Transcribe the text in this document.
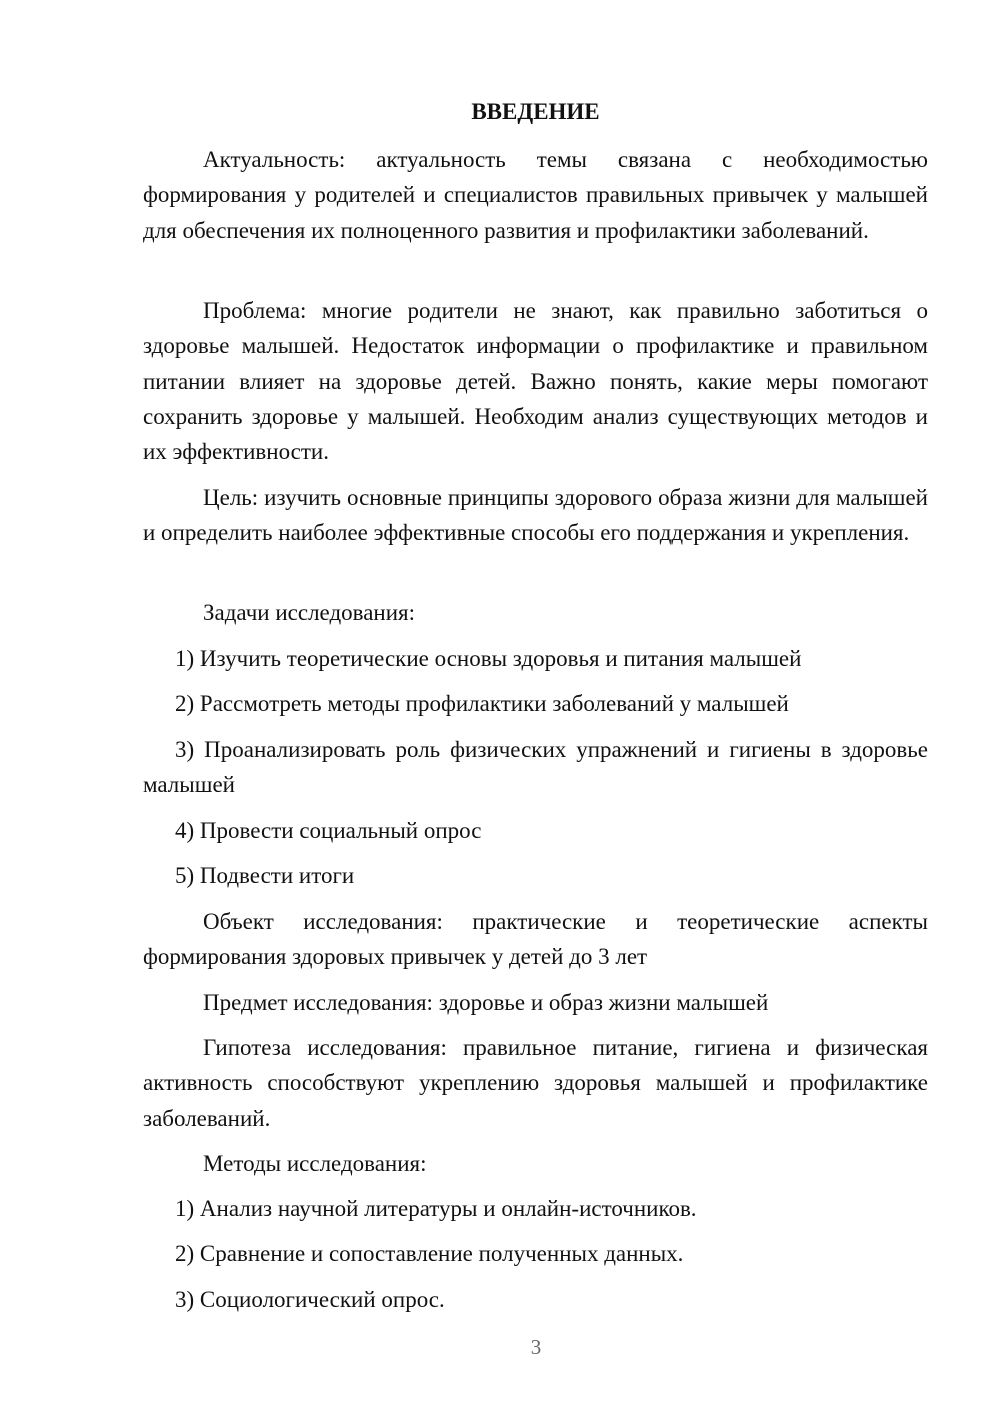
ВВЕДЕНИЕ

Актуальность: актуальность темы связана с необходимостью формирования у родителей и специалистов правильных привычек у малышей для обеспечения их полноценного развития и профилактики заболеваний.

Проблема: многие родители не знают, как правильно заботиться о здоровье малышей. Недостаток информации о профилактике и правильном питании влияет на здоровье детей. Важно понять, какие меры помогают сохранить здоровье у малышей. Необходим анализ существующих методов и их эффективности.

Цель: изучить основные принципы здорового образа жизни для малышей и определить наиболее эффективные способы его поддержания и укрепления.

Задачи исследования:

1) Изучить теоретические основы здоровья и питания малышей

2) Рассмотреть методы профилактики заболеваний у малышей

3) Проанализировать роль физических упражнений и гигиены в здоровье малышей

4) Провести социальный опрос

5) Подвести итоги

Объект исследования: практические и теоретические аспекты формирования здоровых привычек у детей до 3 лет

Предмет исследования: здоровье и образ жизни малышей

Гипотеза исследования: правильное питание, гигиена и физическая активность способствуют укреплению здоровья малышей и профилактике заболеваний.

Методы исследования:

1) Анализ научной литературы и онлайн-источников.

2) Сравнение и сопоставление полученных данных.

3) Социологический опрос.

3
